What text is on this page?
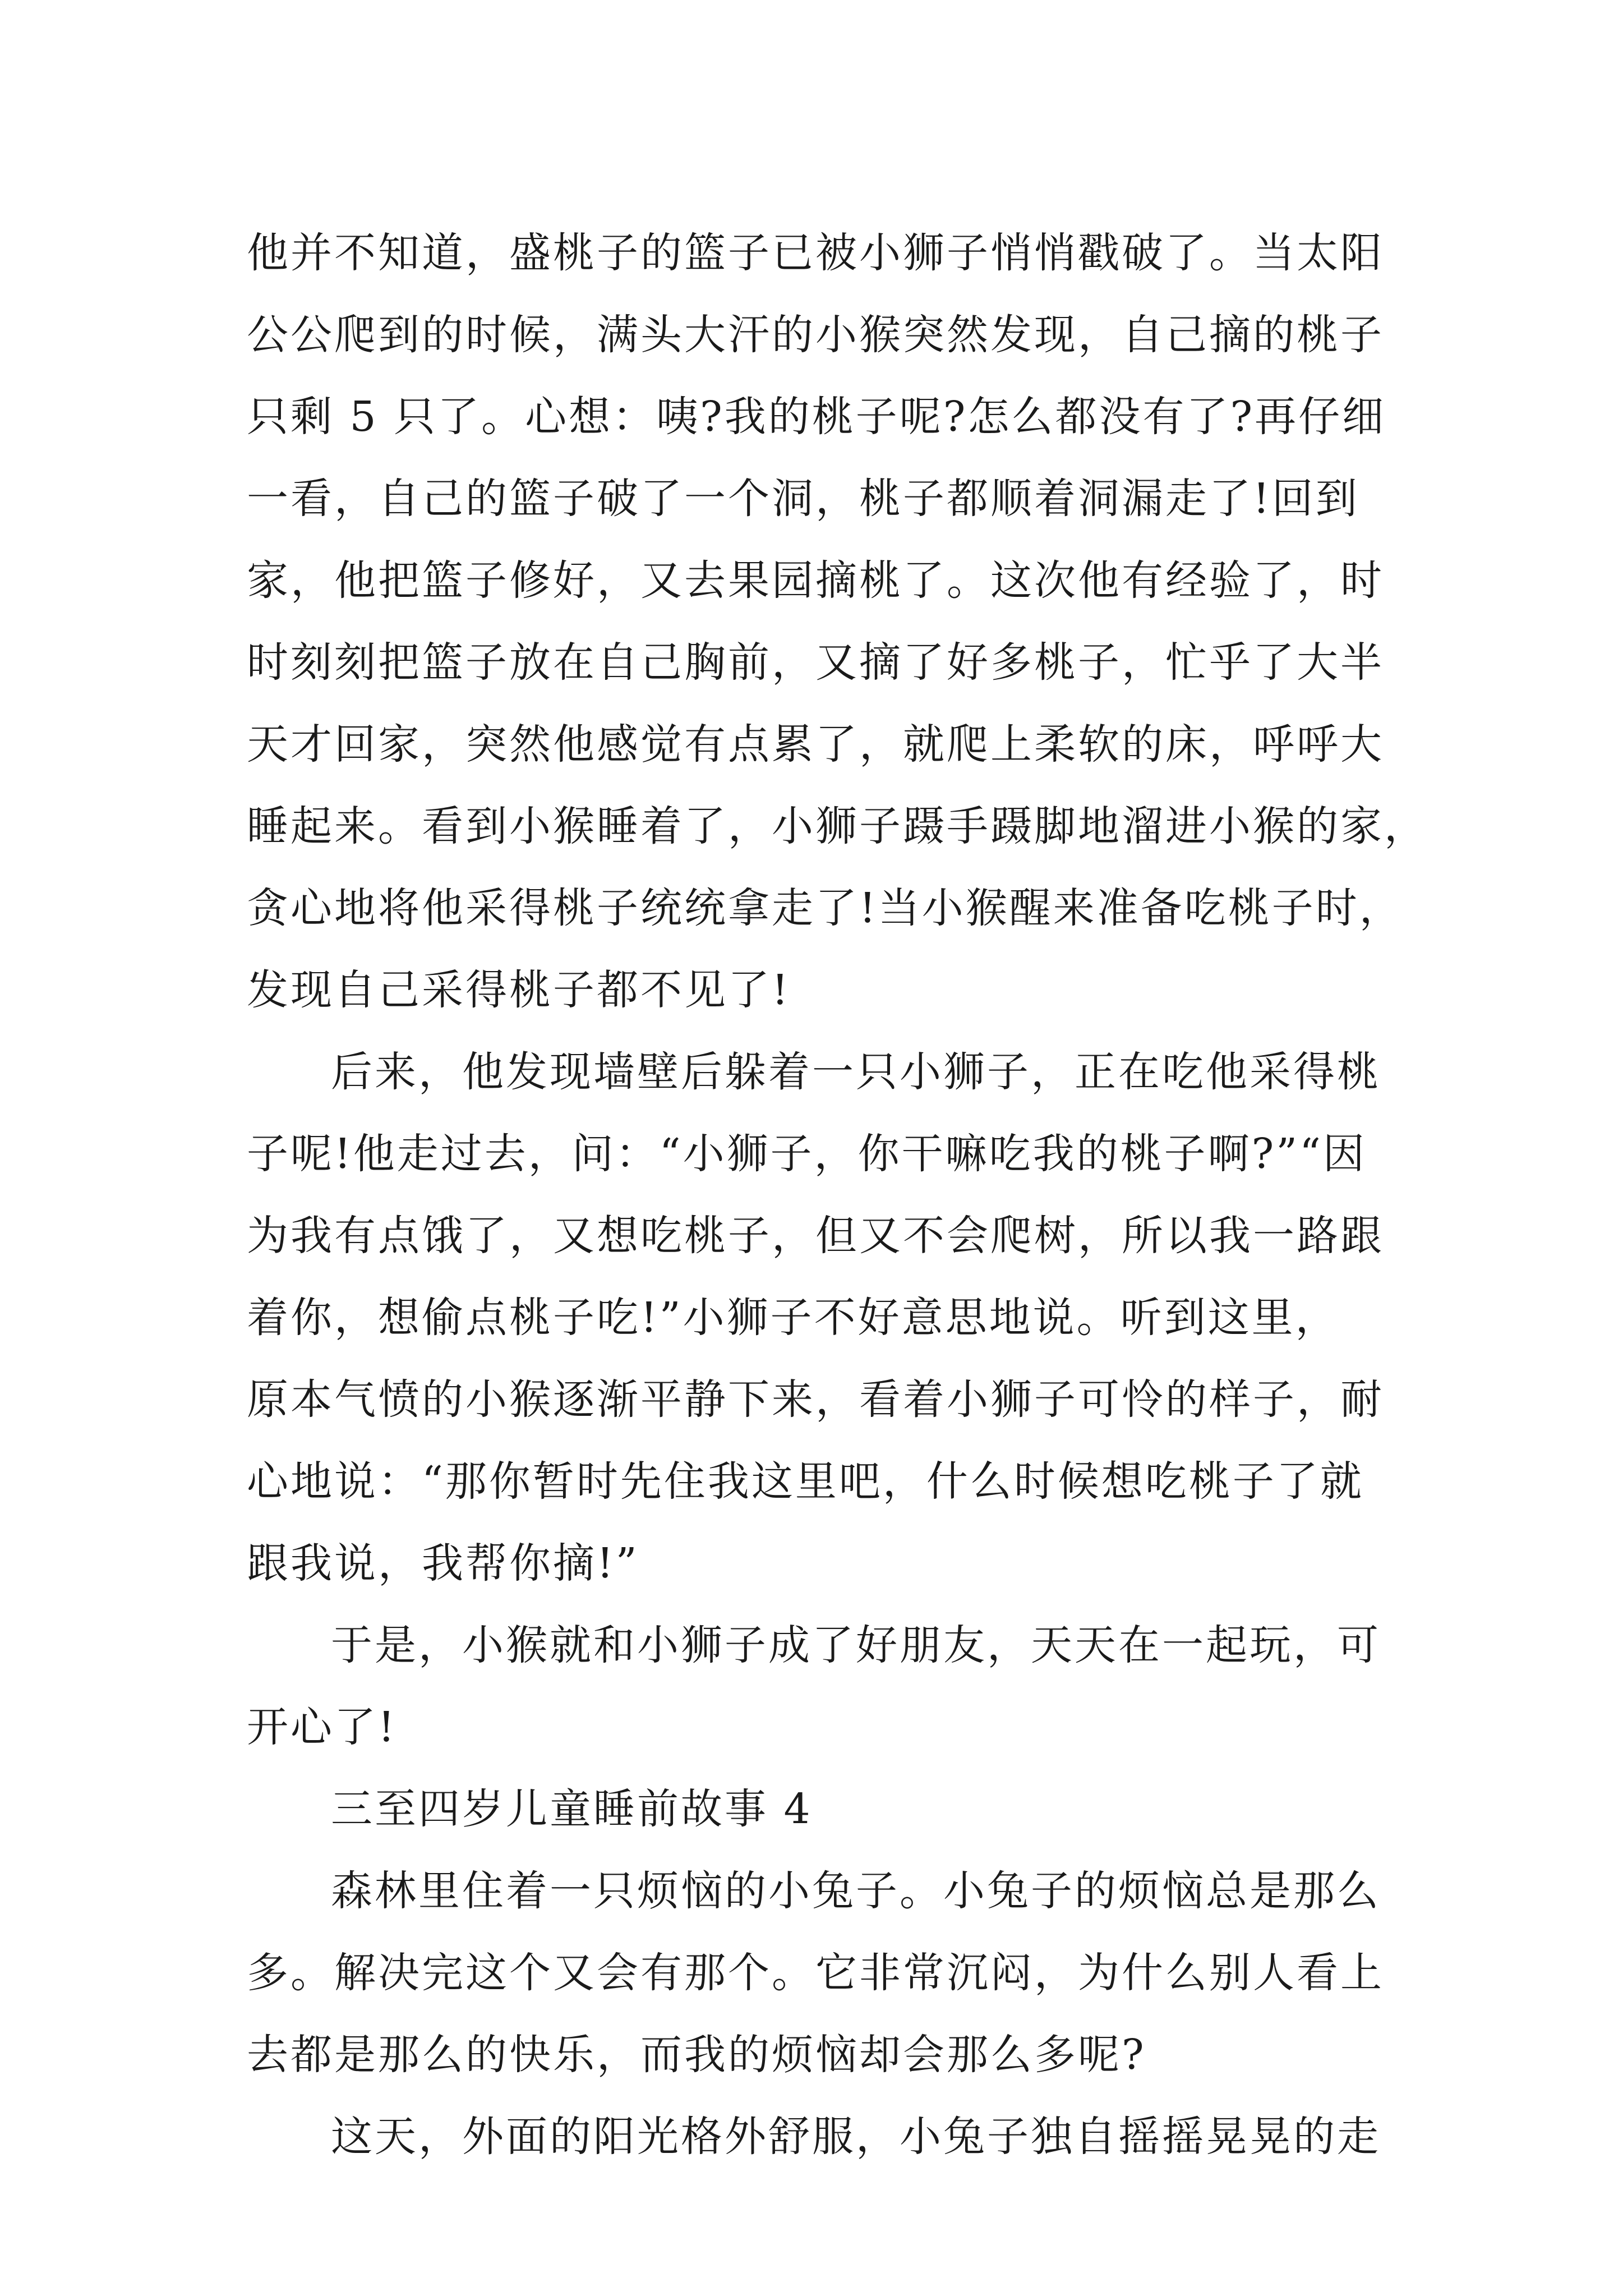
他并不知道，盛桃子的篮子已被小狮子悄悄戳破了。当太阳
公公爬到的时候，满头大汗的小猴突然发现，自己摘的桃子
只剩 5 只了。心想：咦?我的桃子呢?怎么都没有了?再仔细
一看，自己的篮子破了一个洞，桃子都顺着洞漏走了!回到
家，他把篮子修好，又去果园摘桃了。这次他有经验了，时
时刻刻把篮子放在自己胸前，又摘了好多桃子，忙乎了大半
天才回家，突然他感觉有点累了，就爬上柔软的床，呼呼大
睡起来。看到小猴睡着了，小狮子蹑手蹑脚地溜进小猴的家，
贪心地将他采得桃子统统拿走了!当小猴醒来准备吃桃子时，
发现自己采得桃子都不见了!
后来，他发现墙壁后躲着一只小狮子，正在吃他采得桃
子呢!他走过去，问：“小狮子，你干嘛吃我的桃子啊?”“因
为我有点饿了，又想吃桃子，但又不会爬树，所以我一路跟
着你，想偷点桃子吃!”小狮子不好意思地说。听到这里，
原本气愤的小猴逐渐平静下来，看着小狮子可怜的样子，耐
心地说：“那你暂时先住我这里吧，什么时候想吃桃子了就
跟我说，我帮你摘!”
于是，小猴就和小狮子成了好朋友，天天在一起玩，可
开心了!
三至四岁儿童睡前故事 4
森林里住着一只烦恼的小兔子。小兔子的烦恼总是那么
多。解决完这个又会有那个。它非常沉闷，为什么别人看上
去都是那么的快乐，而我的烦恼却会那么多呢?
这天，外面的阳光格外舒服，小兔子独自摇摇晃晃的走
